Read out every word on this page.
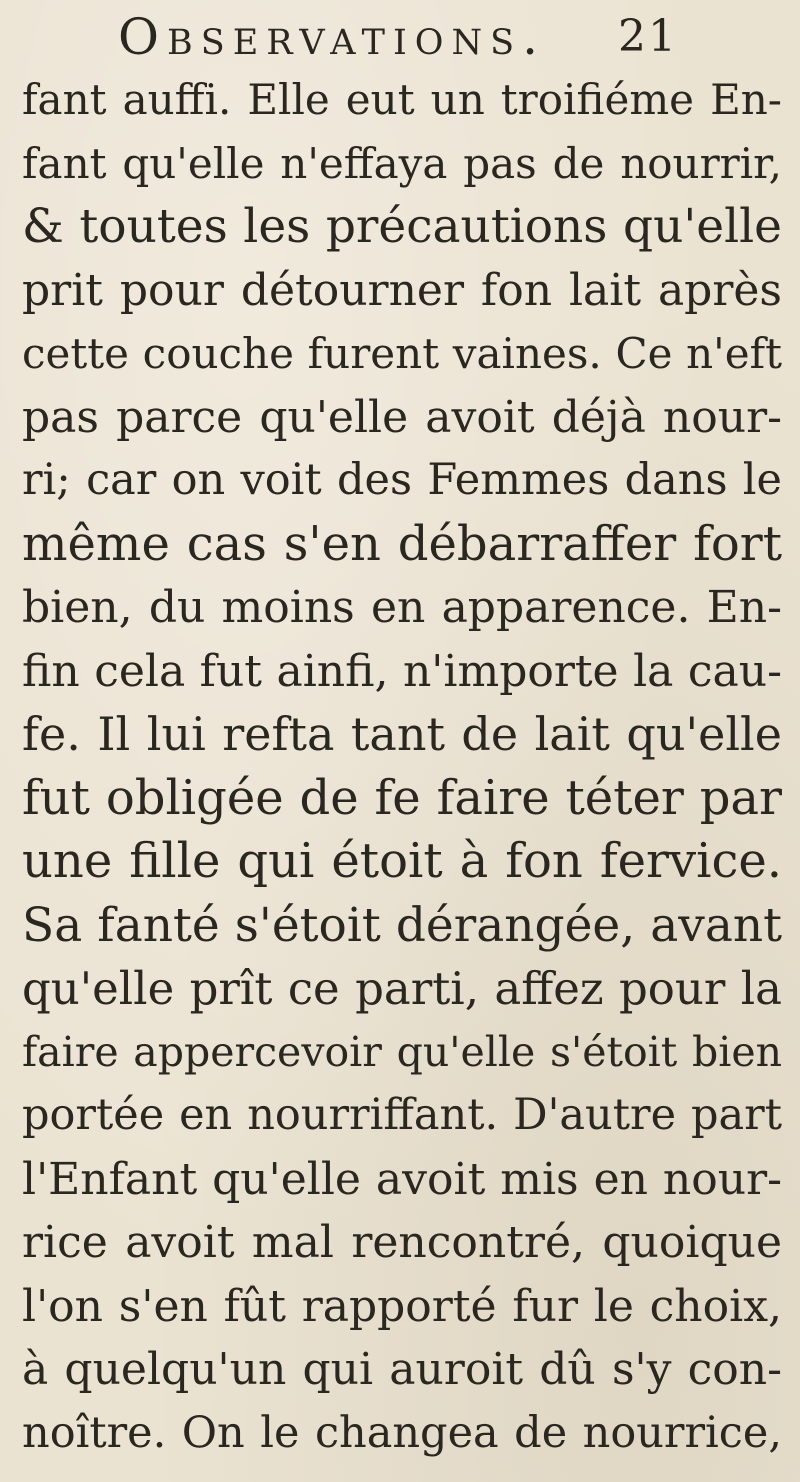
Observations. 21
fant auffi. Elle eut un troifiéme En-
fant qu'elle n'effaya pas de nourrir,
& toutes les précautions qu'elle
prit pour détourner fon lait après
cette couche furent vaines. Ce n'eft
pas parce qu'elle avoit déjà nour-
ri; car on voit des Femmes dans le
même cas s'en débarraffer fort
bien, du moins en apparence. En-
fin cela fut ainfi, n'importe la cau-
fe. Il lui refta tant de lait qu'elle
fut obligée de fe faire téter par
une fille qui étoit à fon fervice.
Sa fanté s'étoit dérangée, avant
qu'elle prît ce parti, affez pour la
faire appercevoir qu'elle s'étoit bien
portée en nourriffant. D'autre part
l'Enfant qu'elle avoit mis en nour-
rice avoit mal rencontré, quoique
l'on s'en fût rapporté fur le choix,
à quelqu'un qui auroit dû s'y con-
noître. On le changea de nourrice,
